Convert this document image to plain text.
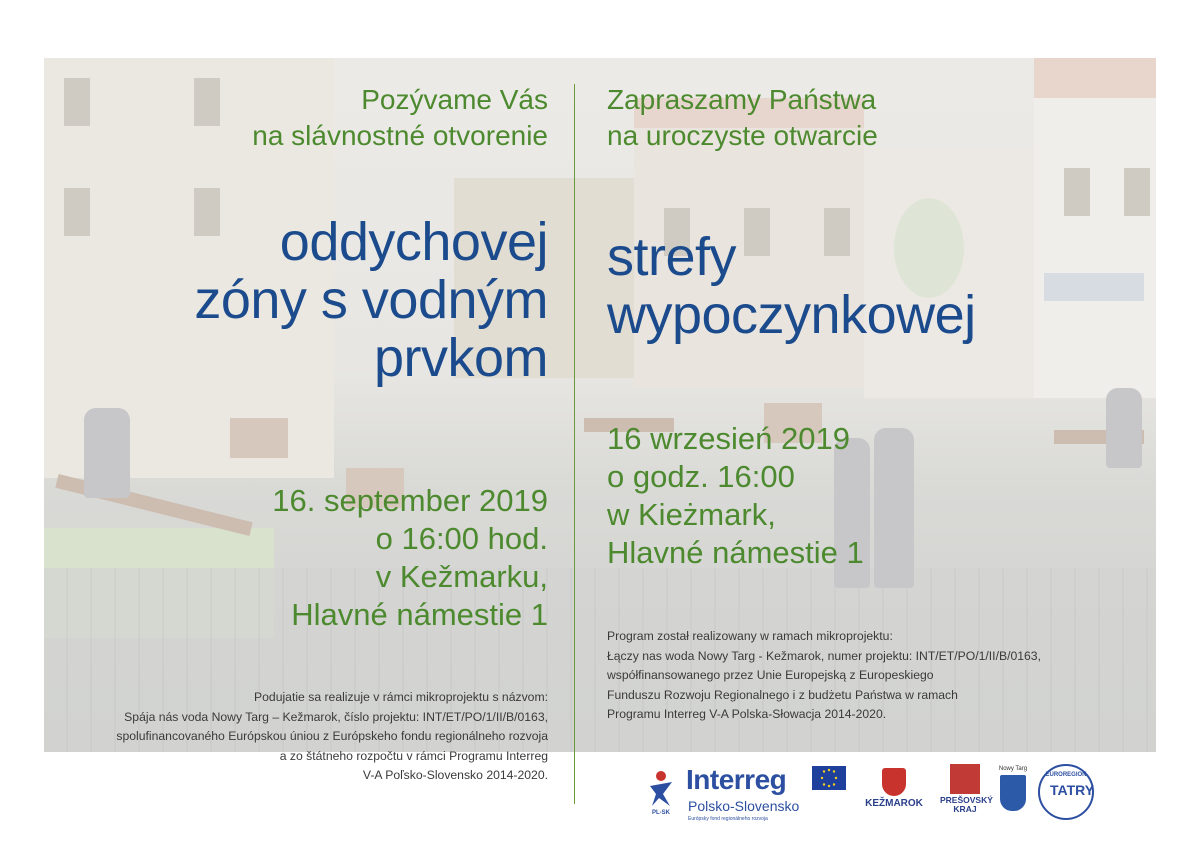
Pozývame Vás
na slávnostné otvorenie
oddychovej
zóny s vodným
prvkom
16. september 2019
o 16:00 hod.
v Kežmarku,
Hlavné námestie 1
Podujatie sa realizuje v rámci mikroprojektu s názvom:
Spája nás voda Nowy Targ – Kežmarok, číslo projektu: INT/ET/PO/1/II/B/0163,
spolufinancovaného Európskou úniou z Európskeho fondu regionálneho rozvoja
a zo štátneho rozpočtu v rámci Programu Interreg
V-A Poľsko-Slovensko 2014-2020.
Zapraszamy Państwa
na uroczyste otwarcie
strefy
wypoczynkowej
16 wrzesień 2019
o godz. 16:00
w Kieżmark,
Hlavné námestie 1
Program został realizowany w ramach mikroprojektu:
Łączy nas woda Nowy Targ - Kežmarok, numer projektu: INT/ET/PO/1/II/B/0163,
współfinansowanego przez Unie Europejską z Europeskiego
Funduszu Rozwoju Regionalnego i z budżetu Państwa w ramach
Programu Interreg V-A Polska-Słowacja 2014-2020.
PL-SK
Interreg
Polsko-Slovensko
Európsky fond regionálneho rozvoja
KEŽMAROK	PREŠOVSKÝ KRAJ
Nowy Targ
EUROREGION
TATRY
